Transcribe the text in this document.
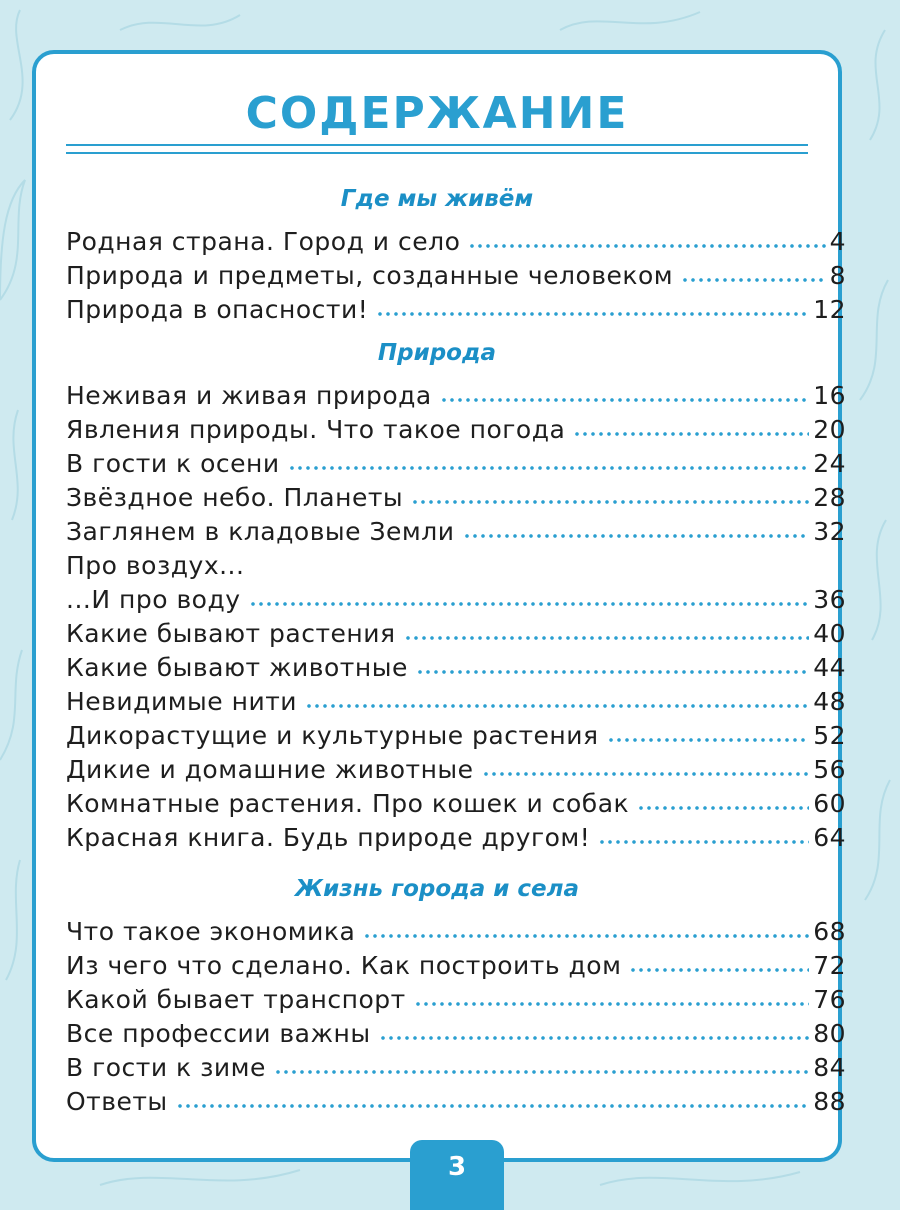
СОДЕРЖАНИЕ
Где мы живём
Родная страна. Город и село	4
Природа и предметы, созданные человеком	8
Природа в опасности!	12
Природа
Неживая и живая природа	16
Явления природы. Что такое погода	20
В гости к осени	24
Звёздное небо. Планеты	28
Заглянем в кладовые Земли	32
Про воздух...
...И про воду	36
Какие бывают растения	40
Какие бывают животные	44
Невидимые нити	48
Дикорастущие и культурные растения	52
Дикие и домашние животные	56
Комнатные растения. Про кошек и собак	60
Красная книга. Будь природе другом!	64
Жизнь города и села
Что такое экономика	68
Из чего что сделано. Как построить дом	72
Какой бывает транспорт	76
Все профессии важны	80
В гости к зиме	84
Ответы	88
3
